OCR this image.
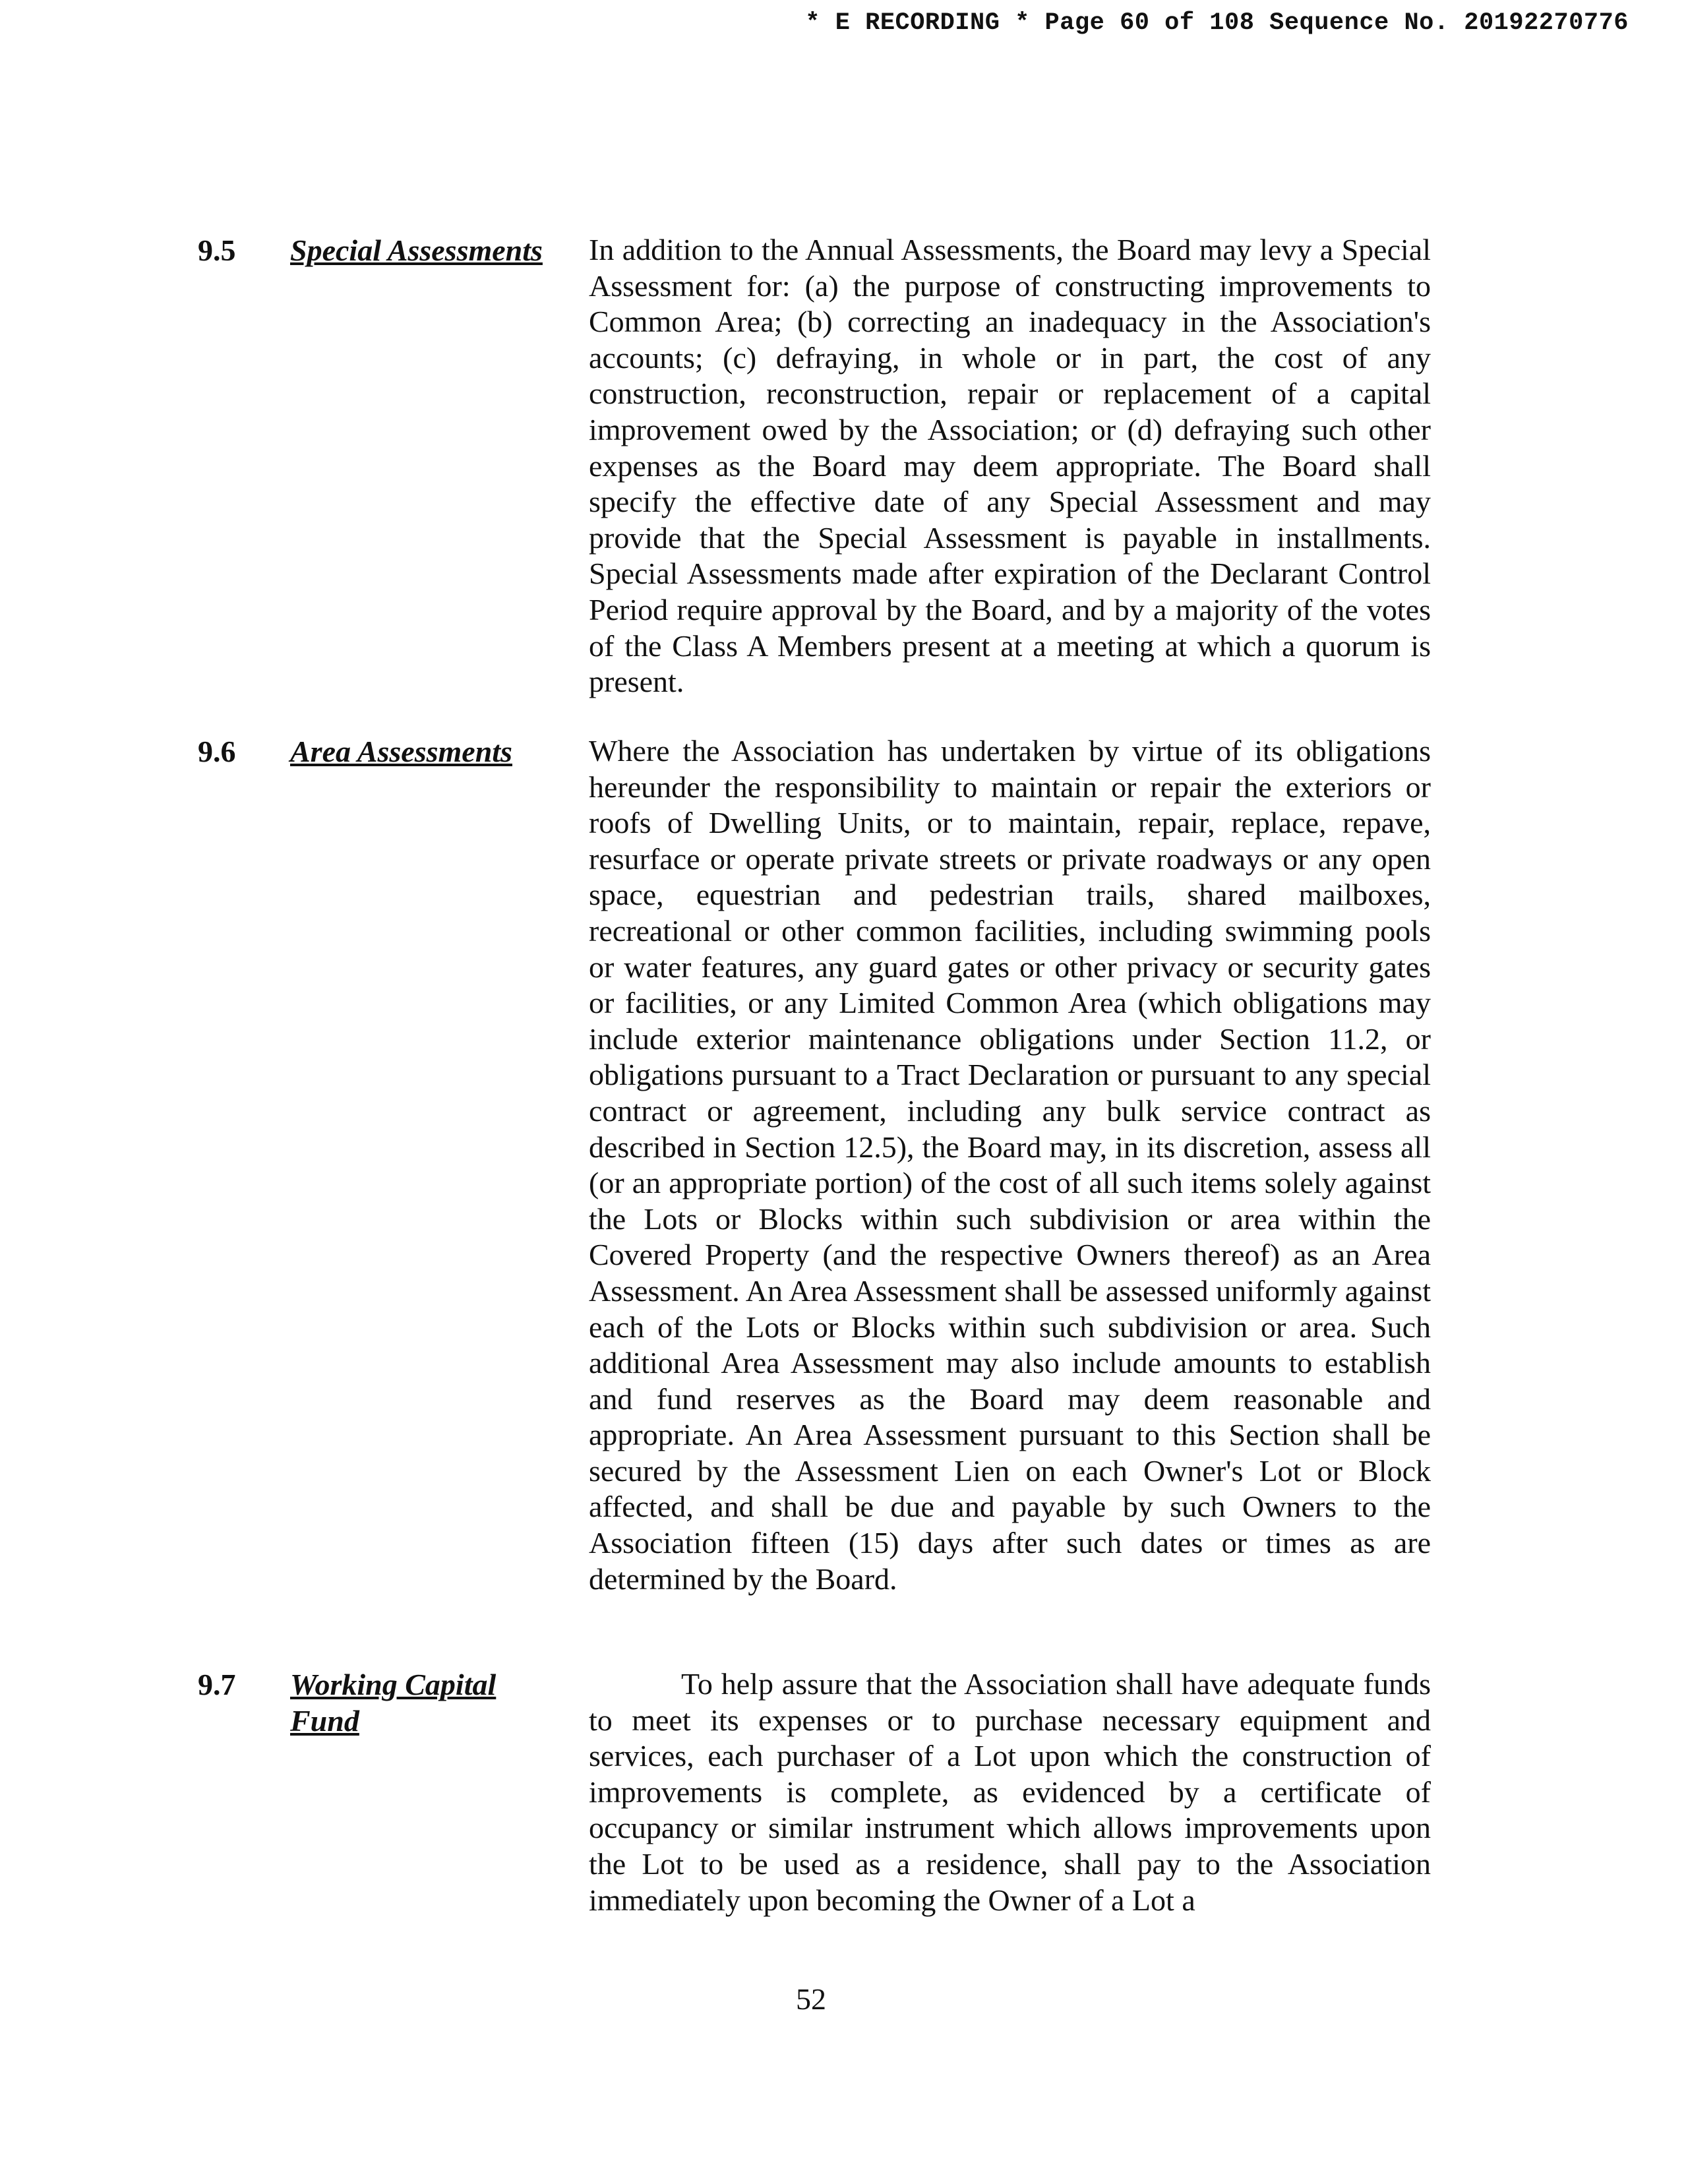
* E RECORDING * Page 60 of 108 Sequence No. 20192270776
9.5 Special Assessments	In addition to the Annual Assessments, the Board may levy a Special Assessment for: (a) the purpose of constructing improvements to Common Area; (b) correcting an inadequacy in the Association's accounts; (c) defraying, in whole or in part, the cost of any construction, reconstruction, repair or replacement of a capital improvement owed by the Association; or (d) defraying such other expenses as the Board may deem appropriate. The Board shall specify the effective date of any Special Assessment and may provide that the Special Assessment is payable in installments. Special Assessments made after expiration of the Declarant Control Period require approval by the Board, and by a majority of the votes of the Class A Members present at a meeting at which a quorum is present.

9.6 Area Assessments	Where the Association has undertaken by virtue of its obligations hereunder the responsibility to maintain or repair the exteriors or roofs of Dwelling Units, or to maintain, repair, replace, repave, resurface or operate private streets or private roadways or any open space, equestrian and pedestrian trails, shared mailboxes, recreational or other common facilities, including swimming pools or water features, any guard gates or other privacy or security gates or facilities, or any Limited Common Area (which obligations may include exterior maintenance obligations under Section 11.2, or obligations pursuant to a Tract Declaration or pursuant to any special contract or agreement, including any bulk service contract as described in Section 12.5), the Board may, in its discretion, assess all (or an appropriate portion) of the cost of all such items solely against the Lots or Blocks within such subdivision or area within the Covered Property (and the respective Owners thereof) as an Area Assessment. An Area Assessment shall be assessed uniformly against each of the Lots or Blocks within such subdivision or area. Such additional Area Assessment may also include amounts to establish and fund reserves as the Board may deem reasonable and appropriate. An Area Assessment pursuant to this Section shall be secured by the Assessment Lien on each Owner's Lot or Block affected, and shall be due and payable by such Owners to the Association fifteen (15) days after such dates or times as are determined by the Board.

9.7 Working Capital Fund

To help assure that the Association shall have adequate funds to meet its expenses or to purchase necessary equipment and services, each purchaser of a Lot upon which the construction of improvements is complete, as evidenced by a certificate of occupancy or similar instrument which allows improvements upon the Lot to be used as a residence, shall pay to the Association immediately upon becoming the Owner of a Lot a

52
